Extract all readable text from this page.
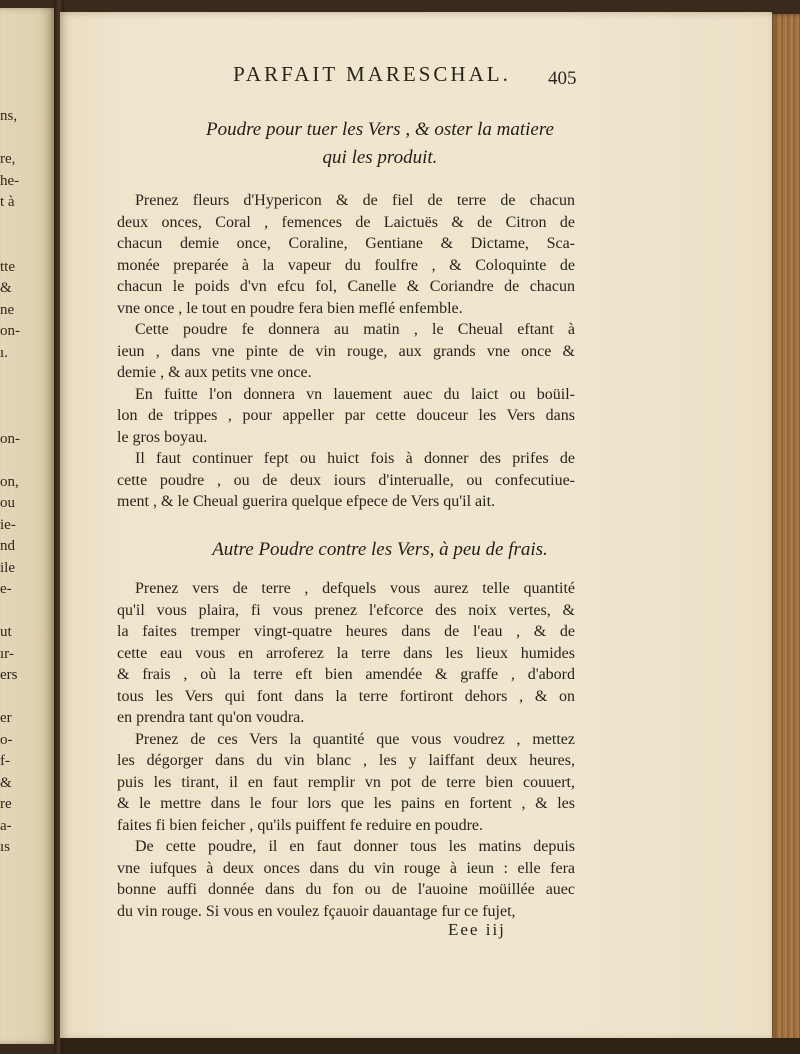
ns,
re,
he-
t à
tte
&
ne
on-
ı.
on-
on,
ou
ie-
nd
ile
e-
ut
ır-
ers
er
o-
f-
&
re
a-
ıs
PARFAIT MARESCHAL.	405
Poudre pour tuer les Vers , & oster la matiere
qui les produit.
Prenez fleurs d'Hypericon & de fiel de terre de chacun
deux onces, Coral , femences de Laictuës & de Citron de
chacun demie once, Coraline, Gentiane & Dictame, Sca-
monée preparée à la vapeur du foulfre , & Coloquinte de
chacun le poids d'vn efcu fol, Canelle & Coriandre de chacun
vne once , le tout en poudre fera bien meflé enfemble.
Cette poudre fe donnera au matin , le Cheual eftant à
ieun , dans vne pinte de vin rouge, aux grands vne once &
demie , & aux petits vne once.
En fuitte l'on donnera vn lauement auec du laict ou boüil-
lon de trippes , pour appeller par cette douceur les Vers dans
le gros boyau.
Il faut continuer fept ou huict fois à donner des prifes de
cette poudre , ou de deux iours d'interualle, ou confecutiue-
ment , & le Cheual guerira quelque efpece de Vers qu'il ait.
Autre Poudre contre les Vers, à peu de frais.
Prenez vers de terre , defquels vous aurez telle quantité
qu'il vous plaira, fi vous prenez l'efcorce des noix vertes, &
la faites tremper vingt-quatre heures dans de l'eau , & de
cette eau vous en arroferez la terre dans les lieux humides
& frais , où la terre eft bien amendée & graffe , d'abord
tous les Vers qui font dans la terre fortiront dehors , & on
en prendra tant qu'on voudra.
Prenez de ces Vers la quantité que vous voudrez , mettez
les dégorger dans du vin blanc , les y laiffant deux heures,
puis les tirant, il en faut remplir vn pot de terre bien couuert,
& le mettre dans le four lors que les pains en fortent , & les
faites fi bien feicher , qu'ils puiffent fe reduire en poudre.
De cette poudre, il en faut donner tous les matins depuis
vne iufques à deux onces dans du vin rouge à ieun : elle fera
bonne auffi donnée dans du fon ou de l'auoine moüillée auec
du vin rouge. Si vous en voulez fçauoir dauantage fur ce fujet,
Eee iij
